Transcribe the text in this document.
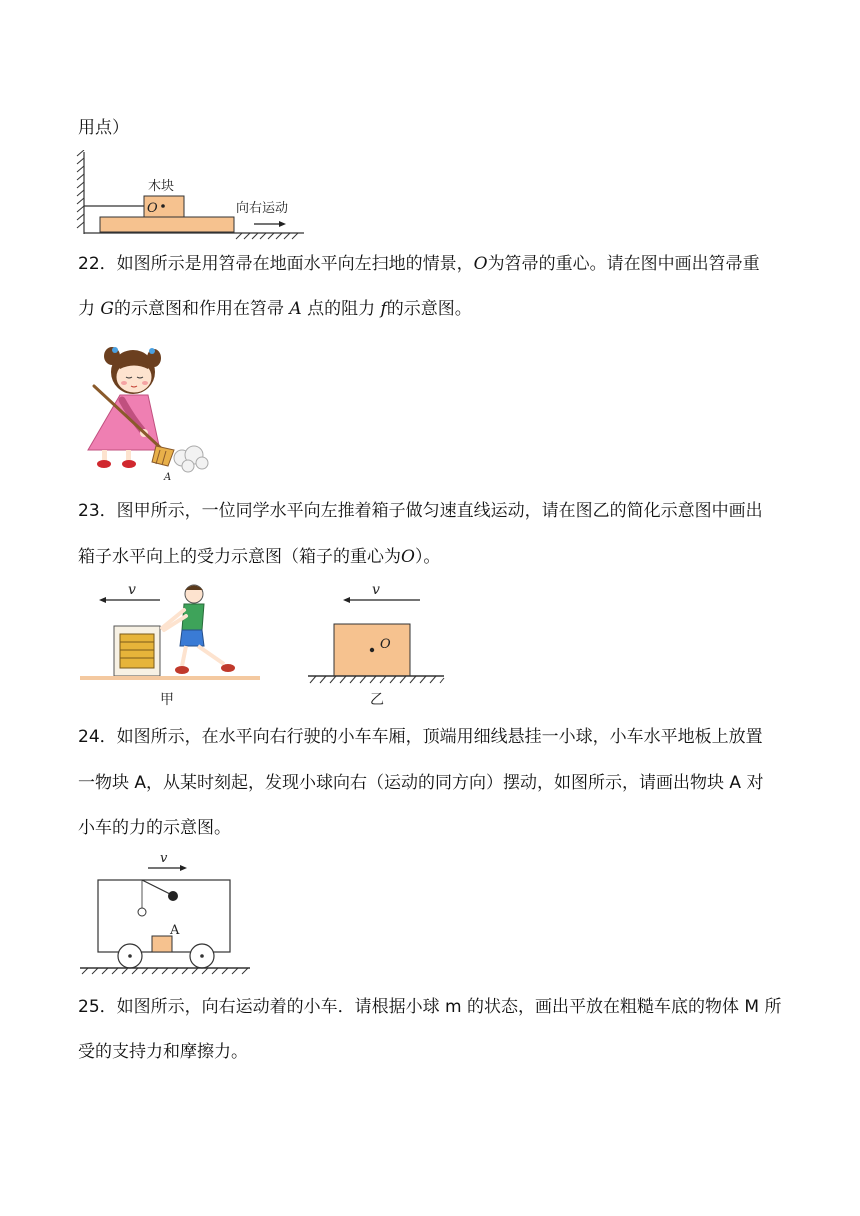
用点）
木块
O	向右运动
22．如图所示是用笤帚在地面水平向左扫地的情景，O为笤帚的重心。请在图中画出笤帚重
力 G的示意图和作用在笤帚 A 点的阻力 f的示意图。
A
23．图甲所示，一位同学水平向左推着箱子做匀速直线运动，请在图乙的简化示意图中画出
箱子水平向上的受力示意图（箱子的重心为O）。
v
甲
v
O
乙
24．如图所示，在水平向右行驶的小车车厢，顶端用细线悬挂一小球，小车水平地板上放置
一物块 A，从某时刻起，发现小球向右（运动的同方向）摆动，如图所示，请画出物块 A 对
小车的力的示意图。
v
A
25．如图所示，向右运动着的小车．请根据小球 m 的状态，画出平放在粗糙车底的物体 M 所
受的支持力和摩擦力。
